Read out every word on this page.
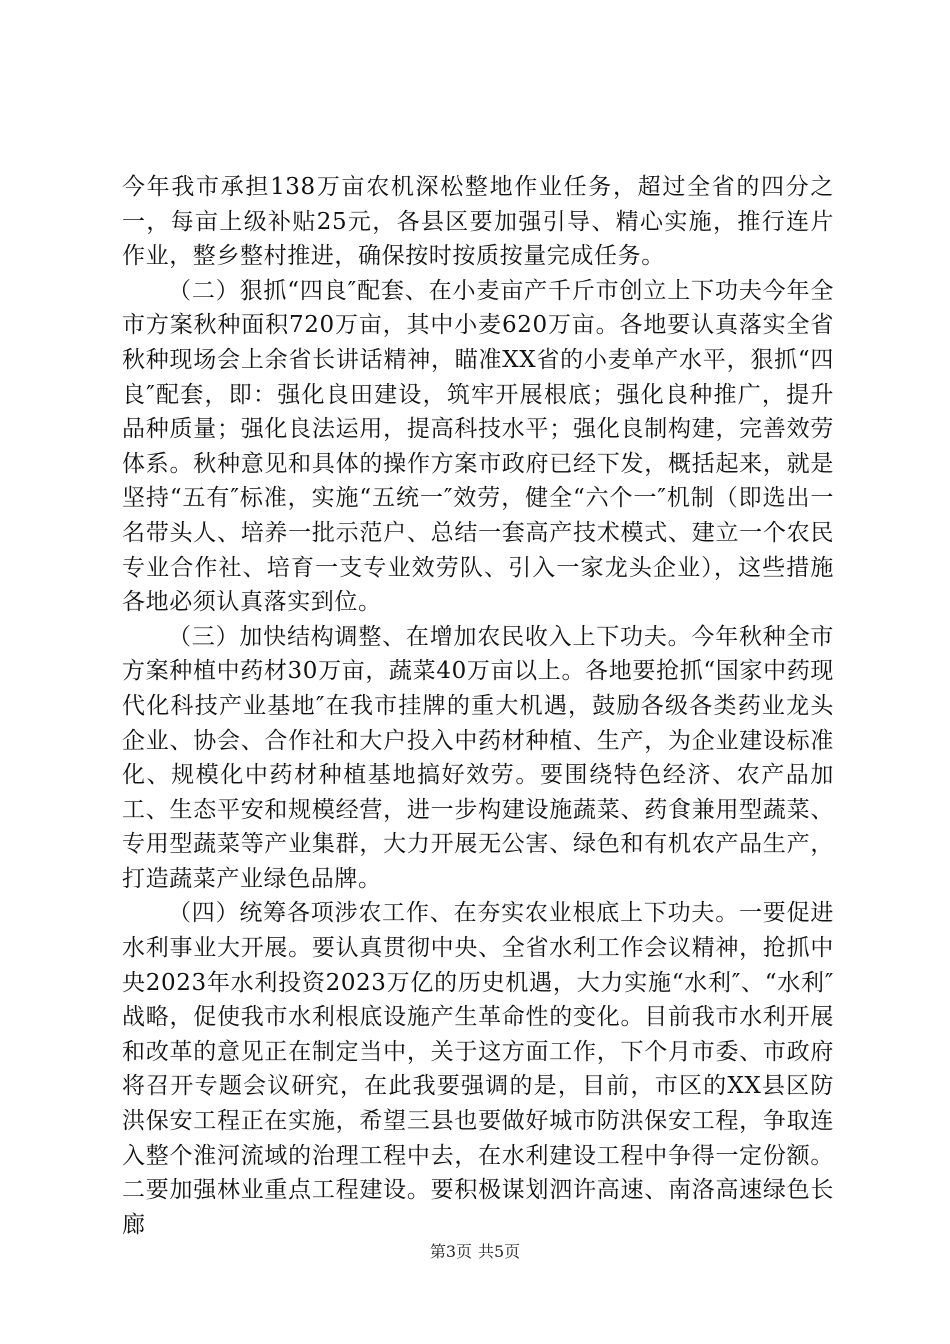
今年我市承担138万亩农机深松整地作业任务，超过全省的四分之一，每亩上级补贴25元，各县区要加强引导、精心实施，推行连片作业，整乡整村推进，确保按时按质按量完成任务。

（二）狠抓“四良″配套、在小麦亩产千斤市创立上下功夫今年全市方案秋种面积720万亩，其中小麦620万亩。各地要认真落实全省秋种现场会上余省长讲话精神，瞄准XX省的小麦单产水平，狠抓“四良″配套，即：强化良田建设，筑牢开展根底；强化良种推广，提升品种质量；强化良法运用，提高科技水平；强化良制构建，完善效劳体系。秋种意见和具体的操作方案市政府已经下发，概括起来，就是坚持“五有″标准，实施“五统一″效劳，健全“六个一″机制（即选出一名带头人、培养一批示范户、总结一套高产技术模式、建立一个农民专业合作社、培育一支专业效劳队、引入一家龙头企业），这些措施各地必须认真落实到位。

（三）加快结构调整、在增加农民收入上下功夫。今年秋种全市方案种植中药材30万亩，蔬菜40万亩以上。各地要抢抓“国家中药现代化科技产业基地″在我市挂牌的重大机遇，鼓励各级各类药业龙头企业、协会、合作社和大户投入中药材种植、生产，为企业建设标准化、规模化中药材种植基地搞好效劳。要围绕特色经济、农产品加工、生态平安和规模经营，进一步构建设施蔬菜、药食兼用型蔬菜、专用型蔬菜等产业集群，大力开展无公害、绿色和有机农产品生产，打造蔬菜产业绿色品牌。

（四）统筹各项涉农工作、在夯实农业根底上下功夫。一要促进水利事业大开展。要认真贯彻中央、全省水利工作会议精神，抢抓中央2023年水利投资2023万亿的历史机遇，大力实施“水利″、“水利″战略，促使我市水利根底设施产生革命性的变化。目前我市水利开展和改革的意见正在制定当中，关于这方面工作，下个月市委、市政府将召开专题会议研究，在此我要强调的是，目前，市区的XX县区防洪保安工程正在实施，希望三县也要做好城市防洪保安工程，争取连入整个淮河流域的治理工程中去，在水利建设工程中争得一定份额。二要加强林业重点工程建设。要积极谋划泗许高速、南洛高速绿色长廊

第3页 共5页
